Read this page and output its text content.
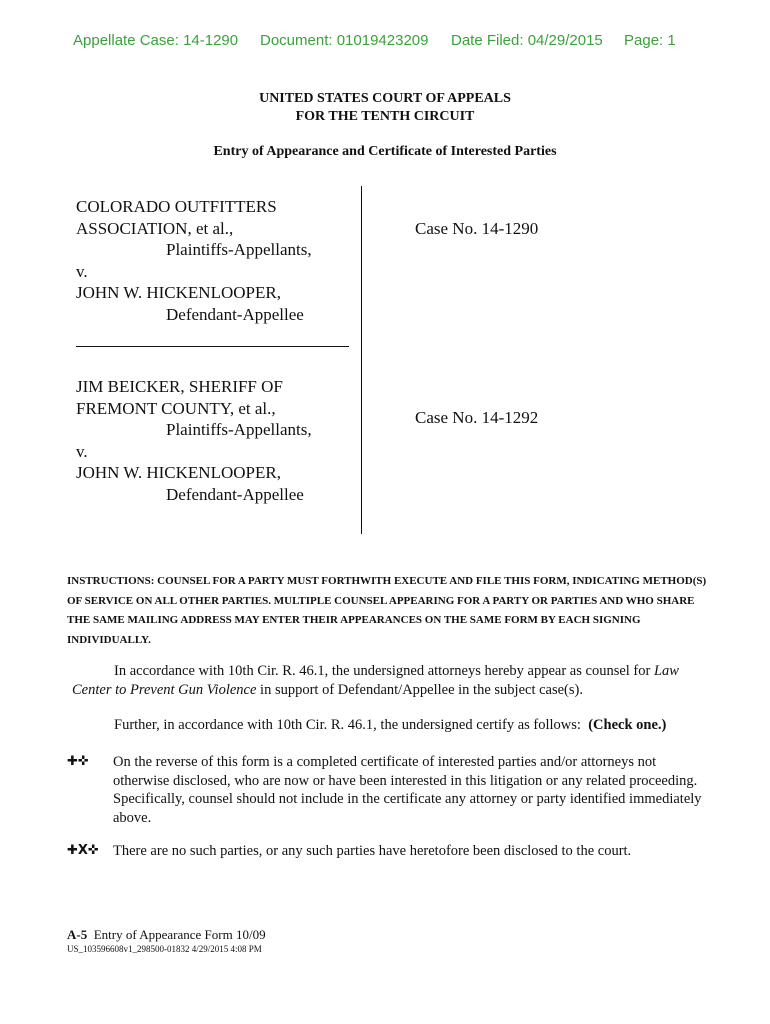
Appellate Case: 14-1290 Document: 01019423209 Date Filed: 04/29/2015 Page: 1
UNITED STATES COURT OF APPEALS
FOR THE TENTH CIRCUIT
Entry of Appearance and Certificate of Interested Parties
COLORADO OUTFITTERS
ASSOCIATION, et al.,
Plaintiffs-Appellants,
v.
JOHN W. HICKENLOOPER,
Defendant-Appellee
Case No. 14-1290
JIM BEICKER, SHERIFF OF
FREMONT COUNTY, et al.,
Plaintiffs-Appellants,
v.
JOHN W. HICKENLOOPER,
Defendant-Appellee
Case No. 14-1292
INSTRUCTIONS: COUNSEL FOR A PARTY MUST FORTHWITH EXECUTE AND FILE THIS FORM, INDICATING METHOD(S) OF SERVICE ON ALL OTHER PARTIES. MULTIPLE COUNSEL APPEARING FOR A PARTY OR PARTIES AND WHO SHARE THE SAME MAILING ADDRESS MAY ENTER THEIR APPEARANCES ON THE SAME FORM BY EACH SIGNING INDIVIDUALLY.
In accordance with 10th Cir. R. 46.1, the undersigned attorneys hereby appear as counsel for Law Center to Prevent Gun Violence in support of Defendant/Appellee in the subject case(s).
Further, in accordance with 10th Cir. R. 46.1, the undersigned certify as follows: (Check one.)
✚✜ On the reverse of this form is a completed certificate of interested parties and/or attorneys not otherwise disclosed, who are now or have been interested in this litigation or any related proceeding. Specifically, counsel should not include in the certificate any attorney or party identified immediately above.
✚X✜ There are no such parties, or any such parties have heretofore been disclosed to the court.
A-5 Entry of Appearance Form 10/09
US_103596608v1_298500-01832 4/29/2015 4:08 PM
